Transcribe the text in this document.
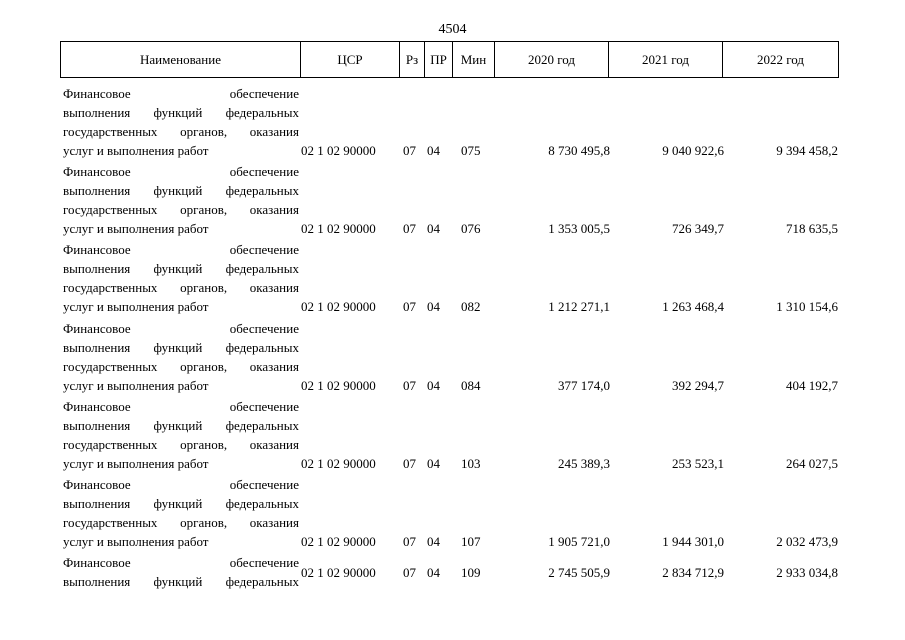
4504
Наименование	ЦСР	Рз	ПР	Мин	2020 год	2021 год	2022 год
Финансовое обеспечение
выполнения функций федеральных
государственных органов, оказания
услуг и выполнения работ	02 1 02 90000	07 04	075	8 730 495,8	9 040 922,6	9 394 458,2
Финансовое обеспечение
выполнения функций федеральных
государственных органов, оказания
услуг и выполнения работ	02 1 02 90000	07 04	076	1 353 005,5	726 349,7	718 635,5
Финансовое обеспечение
выполнения функций федеральных
государственных органов, оказания
услуг и выполнения работ	02 1 02 90000	07 04	082	1 212 271,1	1 263 468,4	1 310 154,6
Финансовое обеспечение
выполнения функций федеральных
государственных органов, оказания
услуг и выполнения работ	02 1 02 90000	07 04	084	377 174,0	392 294,7	404 192,7
Финансовое обеспечение
выполнения функций федеральных
государственных органов, оказания
услуг и выполнения работ	02 1 02 90000	07 04	103	245 389,3	253 523,1	264 027,5
Финансовое обеспечение
выполнения функций федеральных
государственных органов, оказания
услуг и выполнения работ	02 1 02 90000	07 04	107	1 905 721,0	1 944 301,0	2 032 473,9
Финансовое обеспечение
выполнения функций федеральных
02 1 02 90000	07 04	109	2 745 505,9	2 834 712,9	2 933 034,8
